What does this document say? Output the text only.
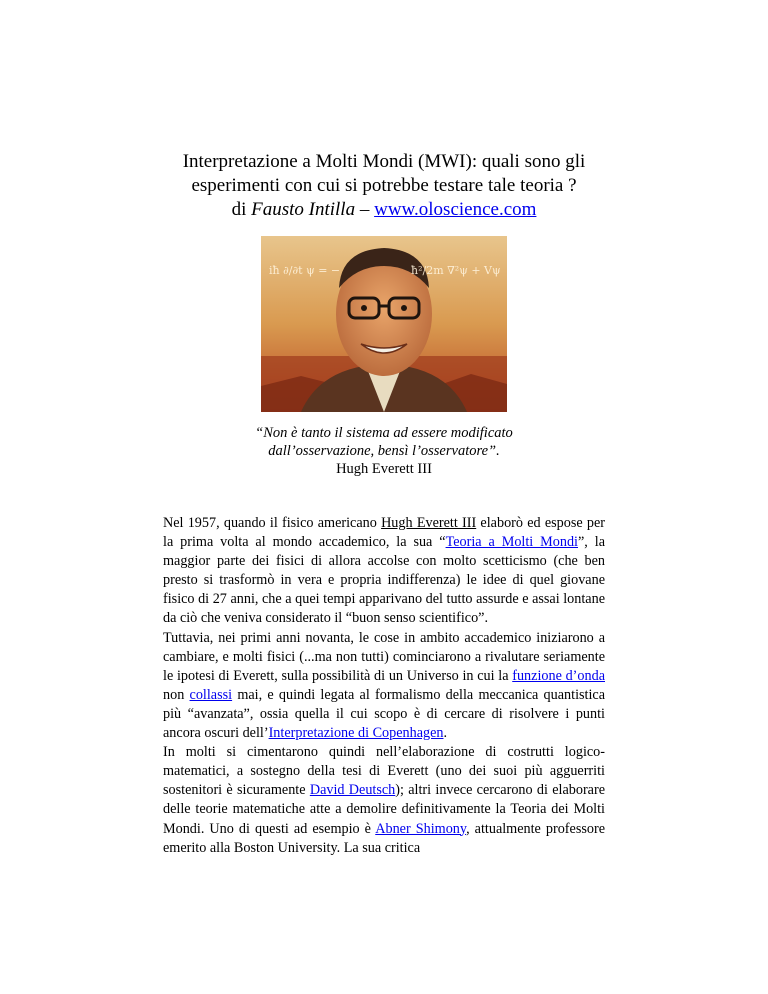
Interpretazione a Molti Mondi (MWI): quali sono gli
esperimenti con cui si potrebbe testare tale teoria ?
di Fausto Intilla – www.oloscience.com
iħ ∂/∂t ψ = −	ħ²/2m ∇²ψ + Vψ
“Non è tanto il sistema ad essere modificato
dall’osservazione, bensì l’osservatore”.
Hugh Everett III

Nel 1957, quando il fisico americano Hugh Everett III elaborò ed espose per la prima volta al mondo accademico, la sua “Teoria a Molti Mondi”, la maggior parte dei fisici di allora accolse con molto scetticismo (che ben presto si trasformò in vera e propria indifferenza) le idee di quel giovane fisico di 27 anni, che a quei tempi apparivano del tutto assurde e assai lontane da ciò che veniva considerato il “buon senso scientifico”.

Tuttavia, nei primi anni novanta, le cose in ambito accademico iniziarono a cambiare, e molti fisici (...ma non tutti) cominciarono a rivalutare seriamente le ipotesi di Everett, sulla possibilità di un Universo in cui la funzione d’onda non collassi mai, e quindi legata al formalismo della meccanica quantistica più “avanzata”, ossia quella il cui scopo è di cercare di risolvere i punti ancora oscuri dell’Interpretazione di Copenhagen.

In molti si cimentarono quindi nell’elaborazione di costrutti logico-matematici, a sostegno della tesi di Everett (uno dei suoi più agguerriti sostenitori è sicuramente David Deutsch); altri invece cercarono di elaborare delle teorie matematiche atte a demolire definitivamente la Teoria dei Molti Mondi. Uno di questi ad esempio è Abner Shimony, attualmente professore emerito alla Boston University. La sua critica
